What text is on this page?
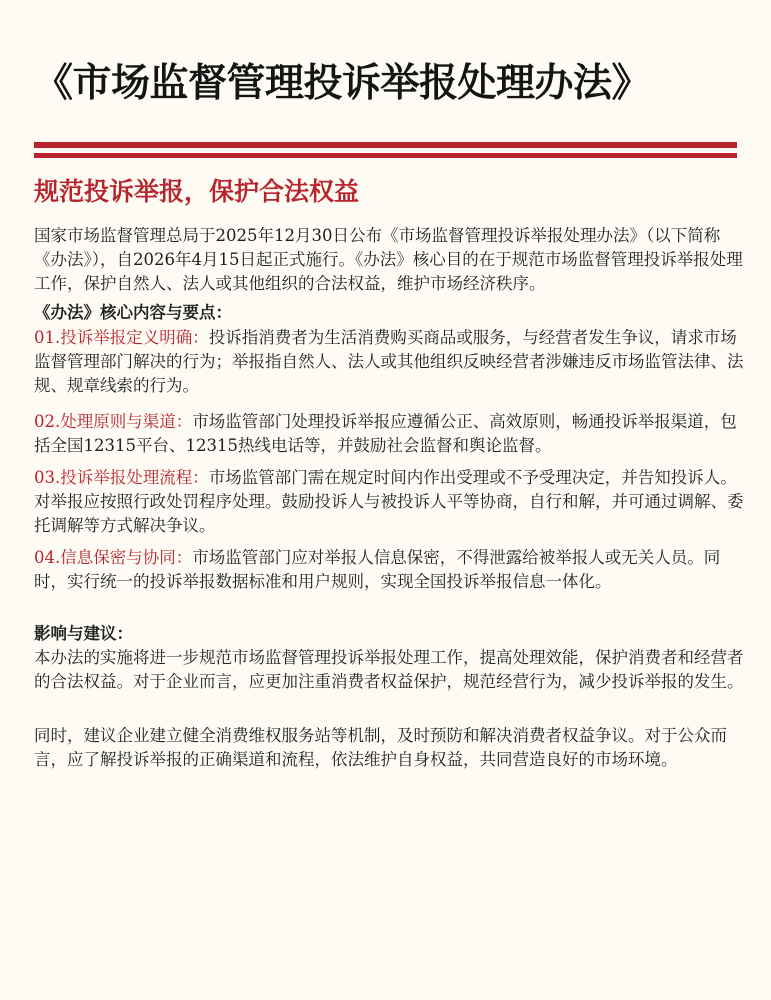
《市场监督管理投诉举报处理办法》
规范投诉举报，保护合法权益
国家市场监督管理总局于2025年12月30日公布《市场监督管理投诉举报处理办法》（以下简称《办法》），自2026年4月15日起正式施行。《办法》核心目的在于规范市场监督管理投诉举报处理工作，保护自然人、法人或其他组织的合法权益，维护市场经济秩序。
《办法》核心内容与要点：
01.投诉举报定义明确：投诉指消费者为生活消费购买商品或服务，与经营者发生争议，请求市场监督管理部门解决的行为；举报指自然人、法人或其他组织反映经营者涉嫌违反市场监管法律、法规、规章线索的行为。
02.处理原则与渠道：市场监管部门处理投诉举报应遵循公正、高效原则，畅通投诉举报渠道，包括全国12315平台、12315热线电话等，并鼓励社会监督和舆论监督。
03.投诉举报处理流程：市场监管部门需在规定时间内作出受理或不予受理决定，并告知投诉人。对举报应按照行政处罚程序处理。鼓励投诉人与被投诉人平等协商，自行和解，并可通过调解、委托调解等方式解决争议。
04.信息保密与协同：市场监管部门应对举报人信息保密，不得泄露给被举报人或无关人员。同时，实行统一的投诉举报数据标准和用户规则，实现全国投诉举报信息一体化。
影响与建议：
本办法的实施将进一步规范市场监督管理投诉举报处理工作，提高处理效能，保护消费者和经营者的合法权益。对于企业而言，应更加注重消费者权益保护，规范经营行为，减少投诉举报的发生。
同时，建议企业建立健全消费维权服务站等机制，及时预防和解决消费者权益争议。对于公众而言，应了解投诉举报的正确渠道和流程，依法维护自身权益，共同营造良好的市场环境。
